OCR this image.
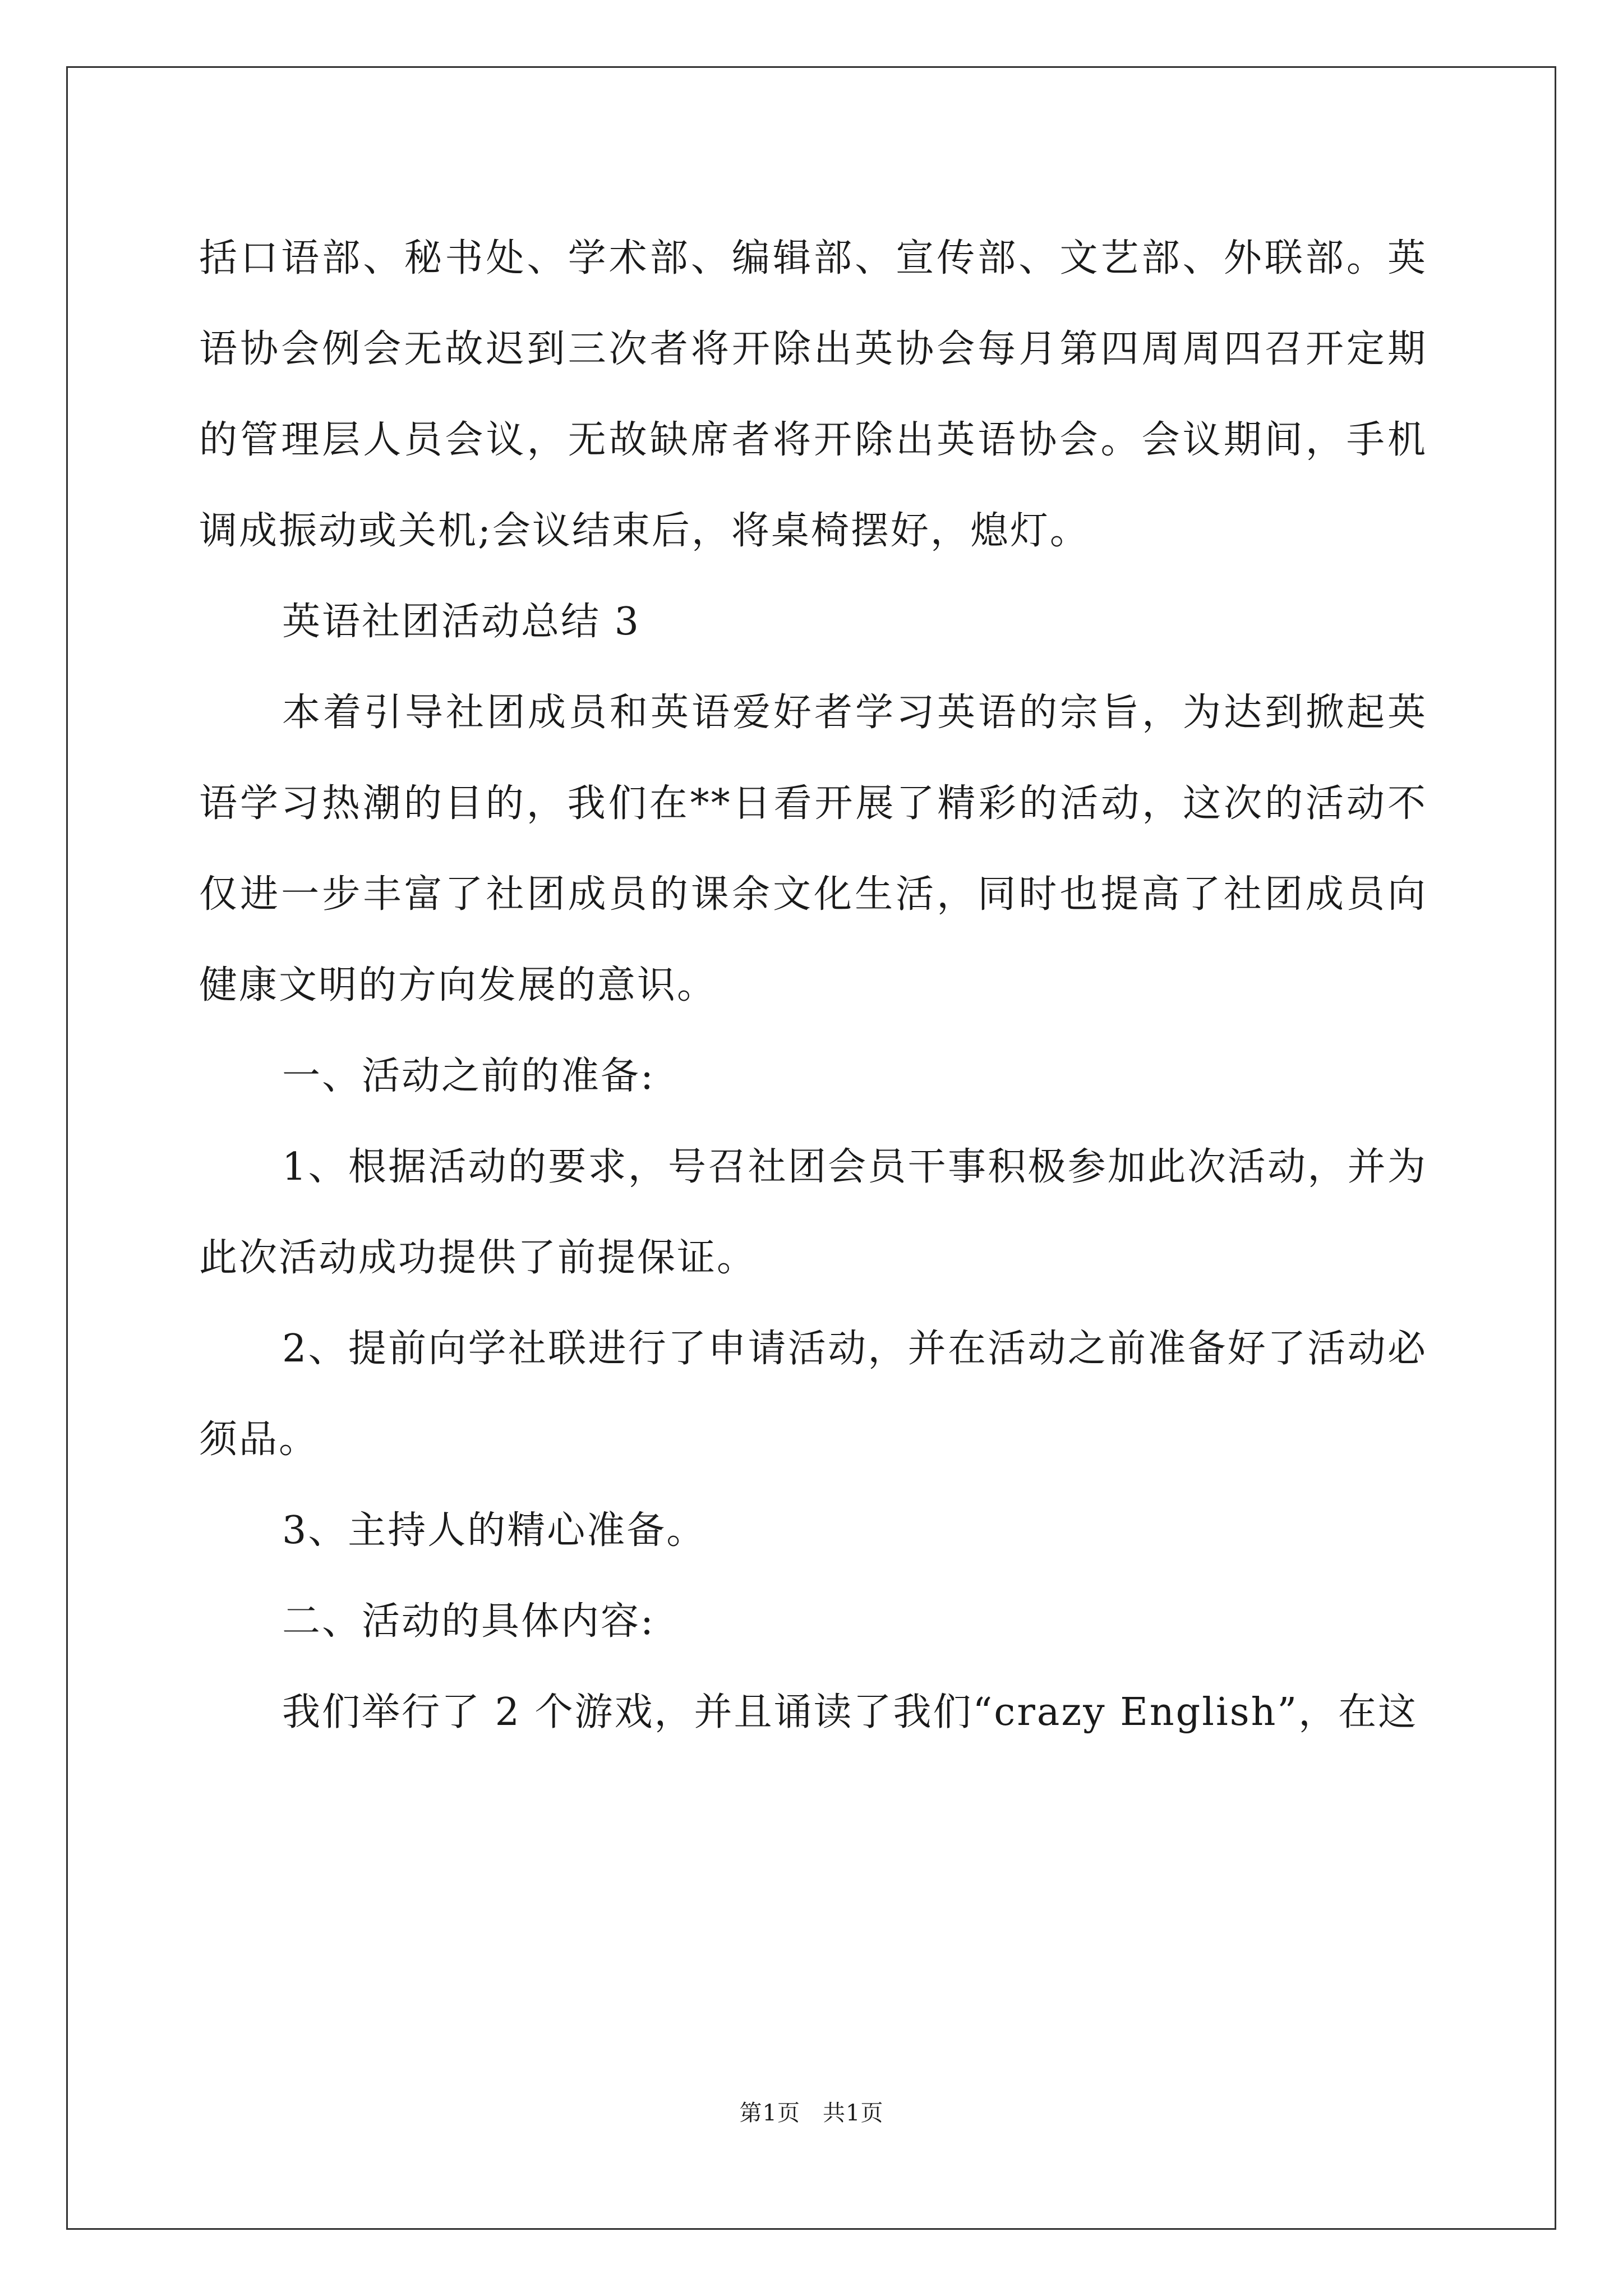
括口语部、秘书处、学术部、编辑部、宣传部、文艺部、外联部。英语协会例会无故迟到三次者将开除出英协会每月第四周周四召开定期的管理层人员会议，无故缺席者将开除出英语协会。会议期间，手机调成振动或关机;会议结束后，将桌椅摆好，熄灯。

英语社团活动总结 3

本着引导社团成员和英语爱好者学习英语的宗旨，为达到掀起英语学习热潮的目的，我们在**日看开展了精彩的活动，这次的活动不仅进一步丰富了社团成员的课余文化生活，同时也提高了社团成员向健康文明的方向发展的意识。

一、活动之前的准备:

1、根据活动的要求，号召社团会员干事积极参加此次活动，并为此次活动成功提供了前提保证。

2、提前向学社联进行了申请活动，并在活动之前准备好了活动必须品。

3、主持人的精心准备。

二、活动的具体内容:

我们举行了 2 个游戏，并且诵读了我们“crazy English”，在这

第1页 共1页
